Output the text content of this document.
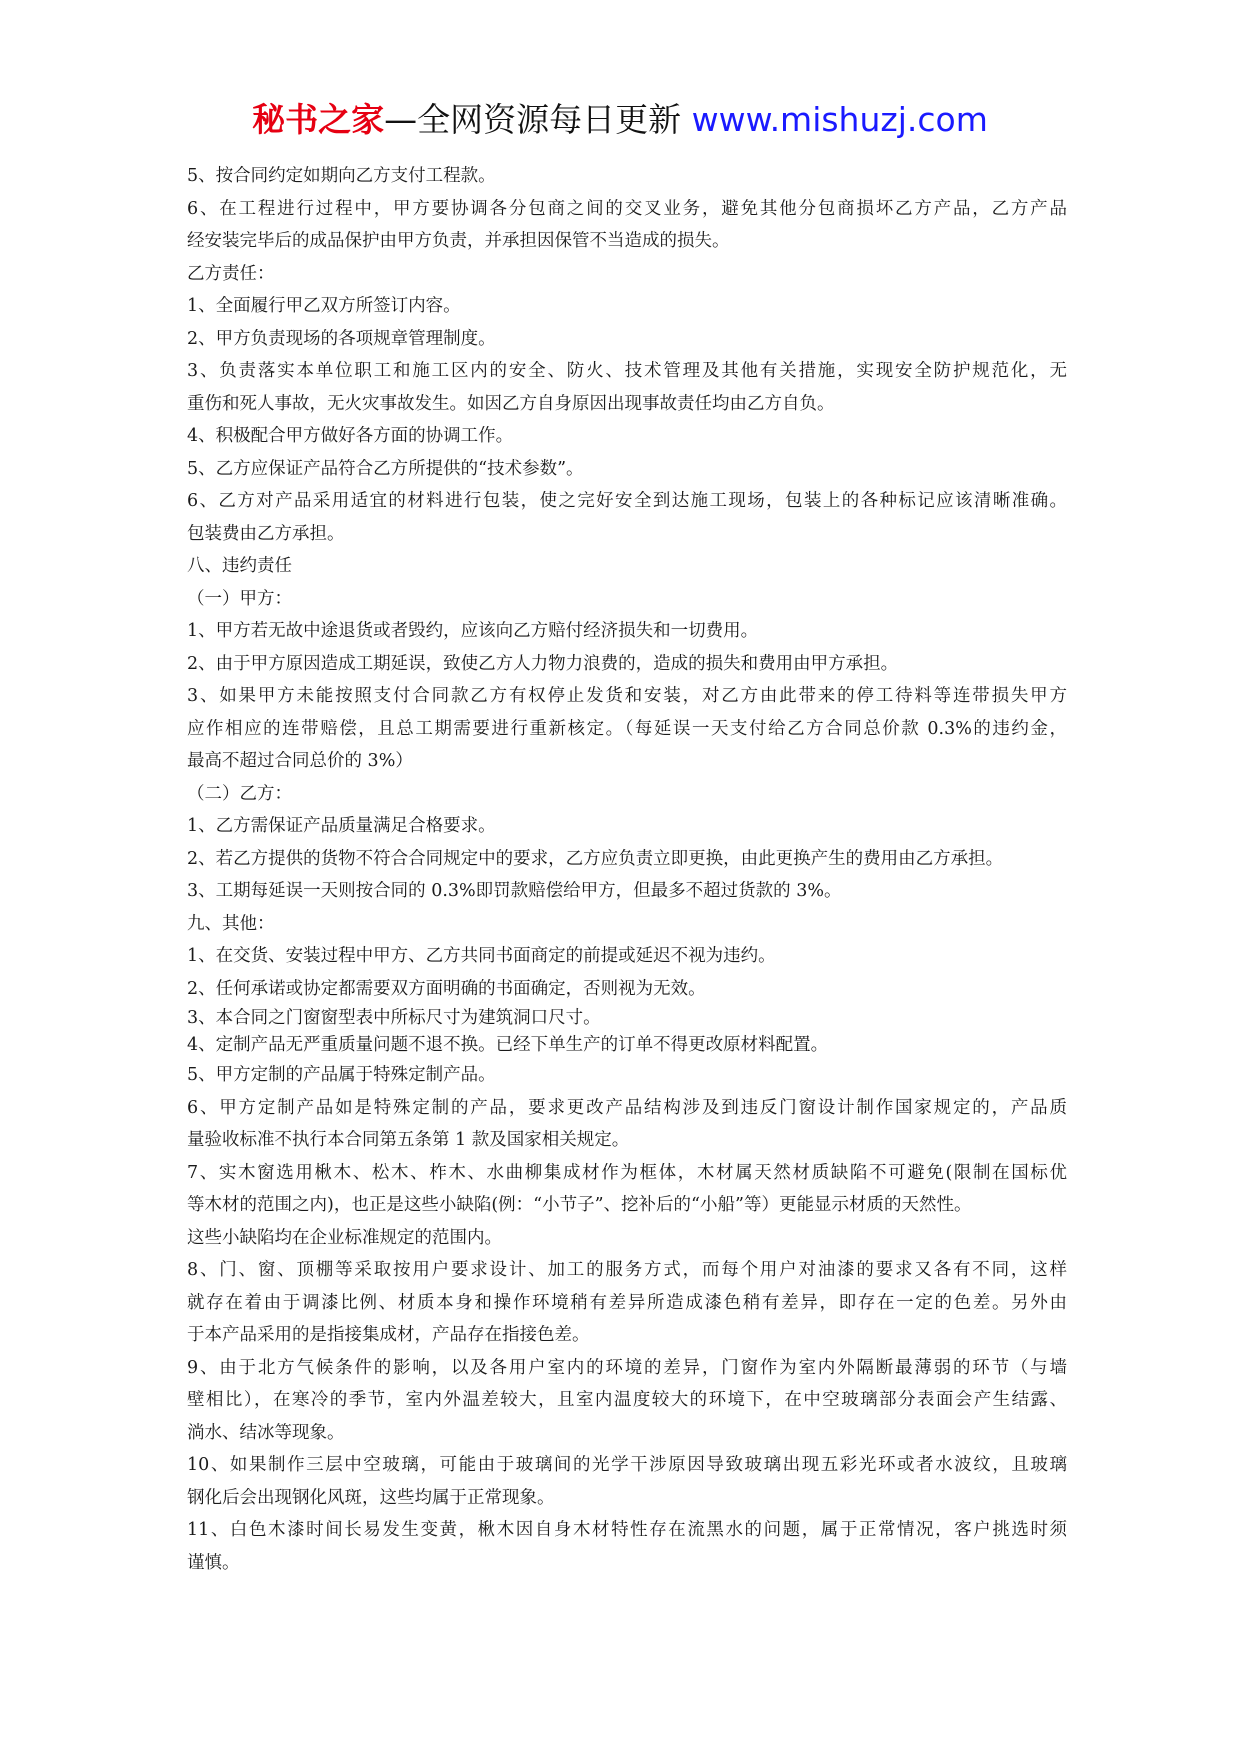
秘书之家—全网资源每日更新 www.mishuzj.com
5、按合同约定如期向乙方支付工程款。
6、在工程进行过程中，甲方要协调各分包商之间的交叉业务，避免其他分包商损坏乙方产品，乙方产品
经安装完毕后的成品保护由甲方负责，并承担因保管不当造成的损失。
乙方责任：
1、全面履行甲乙双方所签订内容。
2、甲方负责现场的各项规章管理制度。
3、负责落实本单位职工和施工区内的安全、防火、技术管理及其他有关措施，实现安全防护规范化，无
重伤和死人事故，无火灾事故发生。如因乙方自身原因出现事故责任均由乙方自负。
4、积极配合甲方做好各方面的协调工作。
5、乙方应保证产品符合乙方所提供的“技术参数”。
6、乙方对产品采用适宜的材料进行包装，使之完好安全到达施工现场，包装上的各种标记应该清晰准确。
包装费由乙方承担。
八、违约责任
（一）甲方：
1、甲方若无故中途退货或者毁约，应该向乙方赔付经济损失和一切费用。
2、由于甲方原因造成工期延误，致使乙方人力物力浪费的，造成的损失和费用由甲方承担。
3、如果甲方未能按照支付合同款乙方有权停止发货和安装，对乙方由此带来的停工待料等连带损失甲方
应作相应的连带赔偿，且总工期需要进行重新核定。（每延误一天支付给乙方合同总价款 0.3%的违约金，
最高不超过合同总价的 3%）
（二）乙方：
1、乙方需保证产品质量满足合格要求。
2、若乙方提供的货物不符合合同规定中的要求，乙方应负责立即更换，由此更换产生的费用由乙方承担。
3、工期每延误一天则按合同的 0.3%即罚款赔偿给甲方，但最多不超过货款的 3%。
九、其他：
1、在交货、安装过程中甲方、乙方共同书面商定的前提或延迟不视为违约。
2、任何承诺或协定都需要双方面明确的书面确定，否则视为无效。
3、本合同之门窗窗型表中所标尺寸为建筑洞口尺寸。
4、定制产品无严重质量问题不退不换。已经下单生产的订单不得更改原材料配置。
5、甲方定制的产品属于特殊定制产品。
6、甲方定制产品如是特殊定制的产品，要求更改产品结构涉及到违反门窗设计制作国家规定的，产品质
量验收标准不执行本合同第五条第 1 款及国家相关规定。
7、实木窗选用楸木、松木、柞木、水曲柳集成材作为框体，木材属天然材质缺陷不可避免(限制在国标优
等木材的范围之内)，也正是这些小缺陷(例：“小节子”、挖补后的“小船”等）更能显示材质的天然性。
这些小缺陷均在企业标准规定的范围内。
8、门、窗、顶棚等采取按用户要求设计、加工的服务方式，而每个用户对油漆的要求又各有不同，这样
就存在着由于调漆比例、材质本身和操作环境稍有差异所造成漆色稍有差异，即存在一定的色差。另外由
于本产品采用的是指接集成材，产品存在指接色差。
9、由于北方气候条件的影响，以及各用户室内的环境的差异，门窗作为室内外隔断最薄弱的环节（与墙
壁相比），在寒冷的季节，室内外温差较大，且室内温度较大的环境下，在中空玻璃部分表面会产生结露、
淌水、结冰等现象。
10、如果制作三层中空玻璃，可能由于玻璃间的光学干涉原因导致玻璃出现五彩光环或者水波纹，且玻璃
钢化后会出现钢化风斑，这些均属于正常现象。
11、白色木漆时间长易发生变黄，楸木因自身木材特性存在流黑水的问题，属于正常情况，客户挑选时须
谨慎。
